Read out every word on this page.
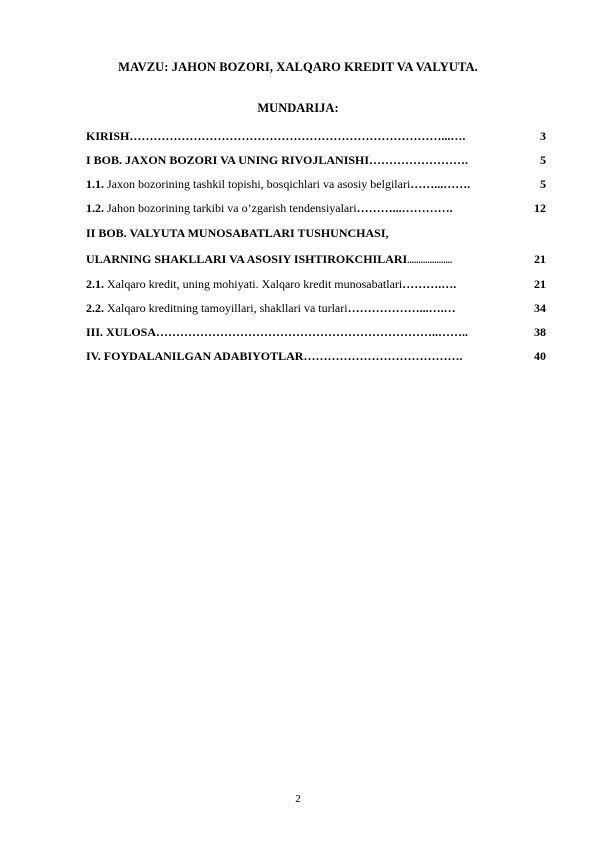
MAVZU: JAHON BOZORI, XALQARO KREDIT VA VALYUTA.
MUNDARIJA:
KIRISH……………………………………………………………………...….	3
I BOB. JAXON BOZORI VA UNING RIVOJLANISHI…………………….	5
1.1. Jaxon bozorining tashkil topishi, bosqichlari va asosiy belgilari……...…….	5
1.2. Jahon bozorining tarkibi va o’zgarish tendensiyalari………...………….	12
II BOB. VALYUTA MUNOSABATLARI TUSHUNCHASI,
ULARNING SHAKLLARI VA ASOSIY ISHTIROKCHILARI....................	21
2.1. Xalqaro kredit, uning mohiyati. Xalqaro kredit munosabatlari……….….	21
2.2. Xalqaro kreditning tamoyillari, shakllari va turlari………………...….…	34
III. XULOSA……………………………………………………………..……..	38
IV. FOYDALANILGAN ADABIYOTLAR………………………………….	40
2
